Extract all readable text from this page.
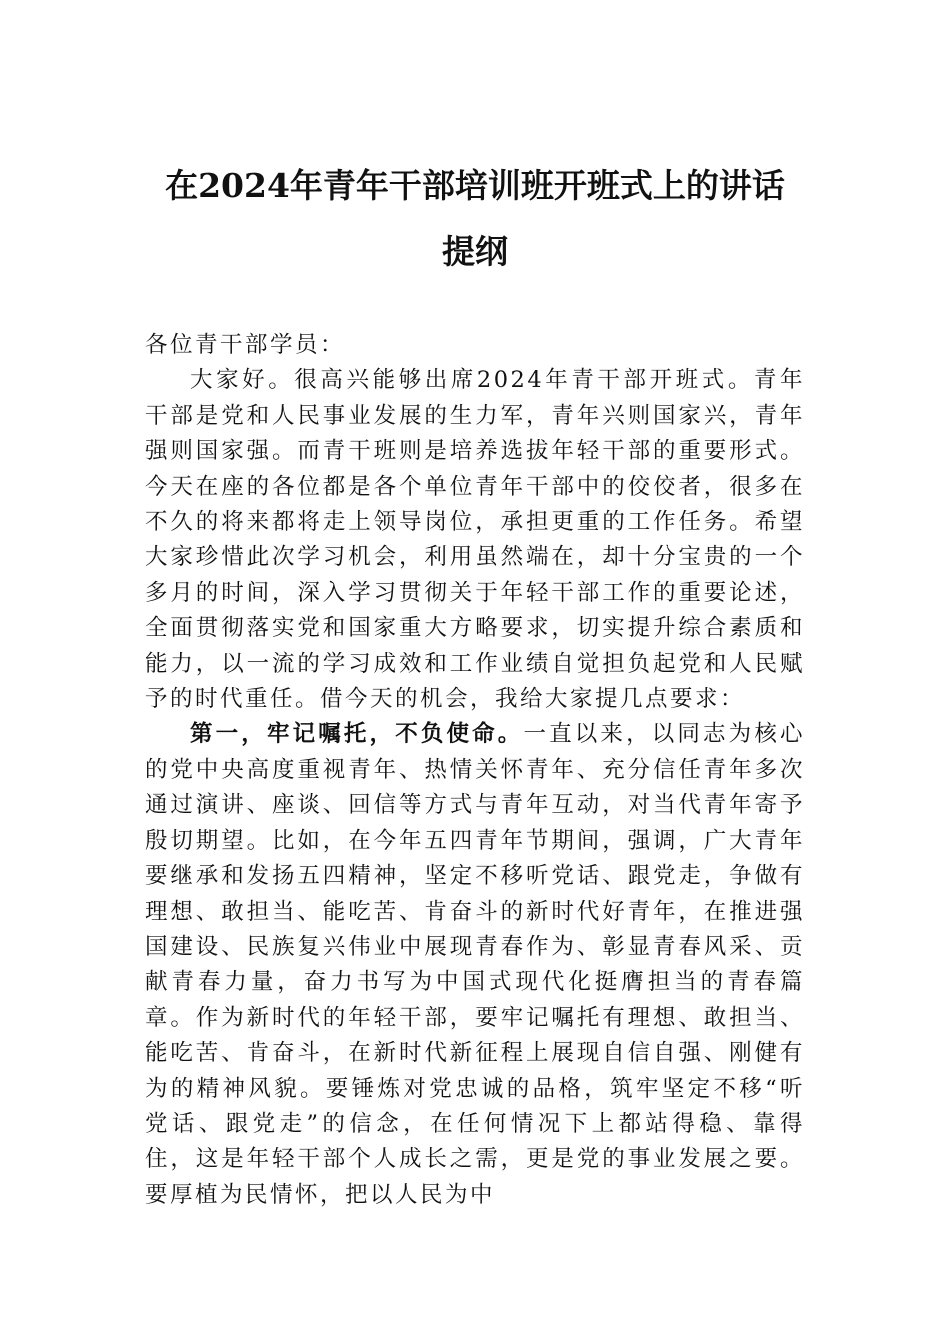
在2024年青年干部培训班开班式上的讲话
提纲

各位青干部学员：

大家好。很高兴能够出席2024年青干部开班式。青年干部是党和人民事业发展的生力军，青年兴则国家兴，青年强则国家强。而青干班则是培养选拔年轻干部的重要形式。今天在座的各位都是各个单位青年干部中的佼佼者，很多在不久的将来都将走上领导岗位，承担更重的工作任务。希望大家珍惜此次学习机会，利用虽然端在，却十分宝贵的一个多月的时间，深入学习贯彻关于年轻干部工作的重要论述，全面贯彻落实党和国家重大方略要求，切实提升综合素质和能力，以一流的学习成效和工作业绩自觉担负起党和人民赋予的时代重任。借今天的机会，我给大家提几点要求：

第一，牢记嘱托，不负使命。一直以来，以同志为核心的党中央高度重视青年、热情关怀青年、充分信任青年多次通过演讲、座谈、回信等方式与青年互动，对当代青年寄予殷切期望。比如，在今年五四青年节期间，强调，广大青年要继承和发扬五四精神，坚定不移听党话、跟党走，争做有理想、敢担当、能吃苦、肯奋斗的新时代好青年，在推进强国建设、民族复兴伟业中展现青春作为、彰显青春风采、贡献青春力量，奋力书写为中国式现代化挺膺担当的青春篇章。作为新时代的年轻干部，要牢记嘱托有理想、敢担当、能吃苦、肯奋斗，在新时代新征程上展现自信自强、刚健有为的精神风貌。要锤炼对党忠诚的品格，筑牢坚定不移“听党话、跟党走”的信念，在任何情况下上都站得稳、靠得住，这是年轻干部个人成长之需，更是党的事业发展之要。要厚植为民情怀，把以人民为中
